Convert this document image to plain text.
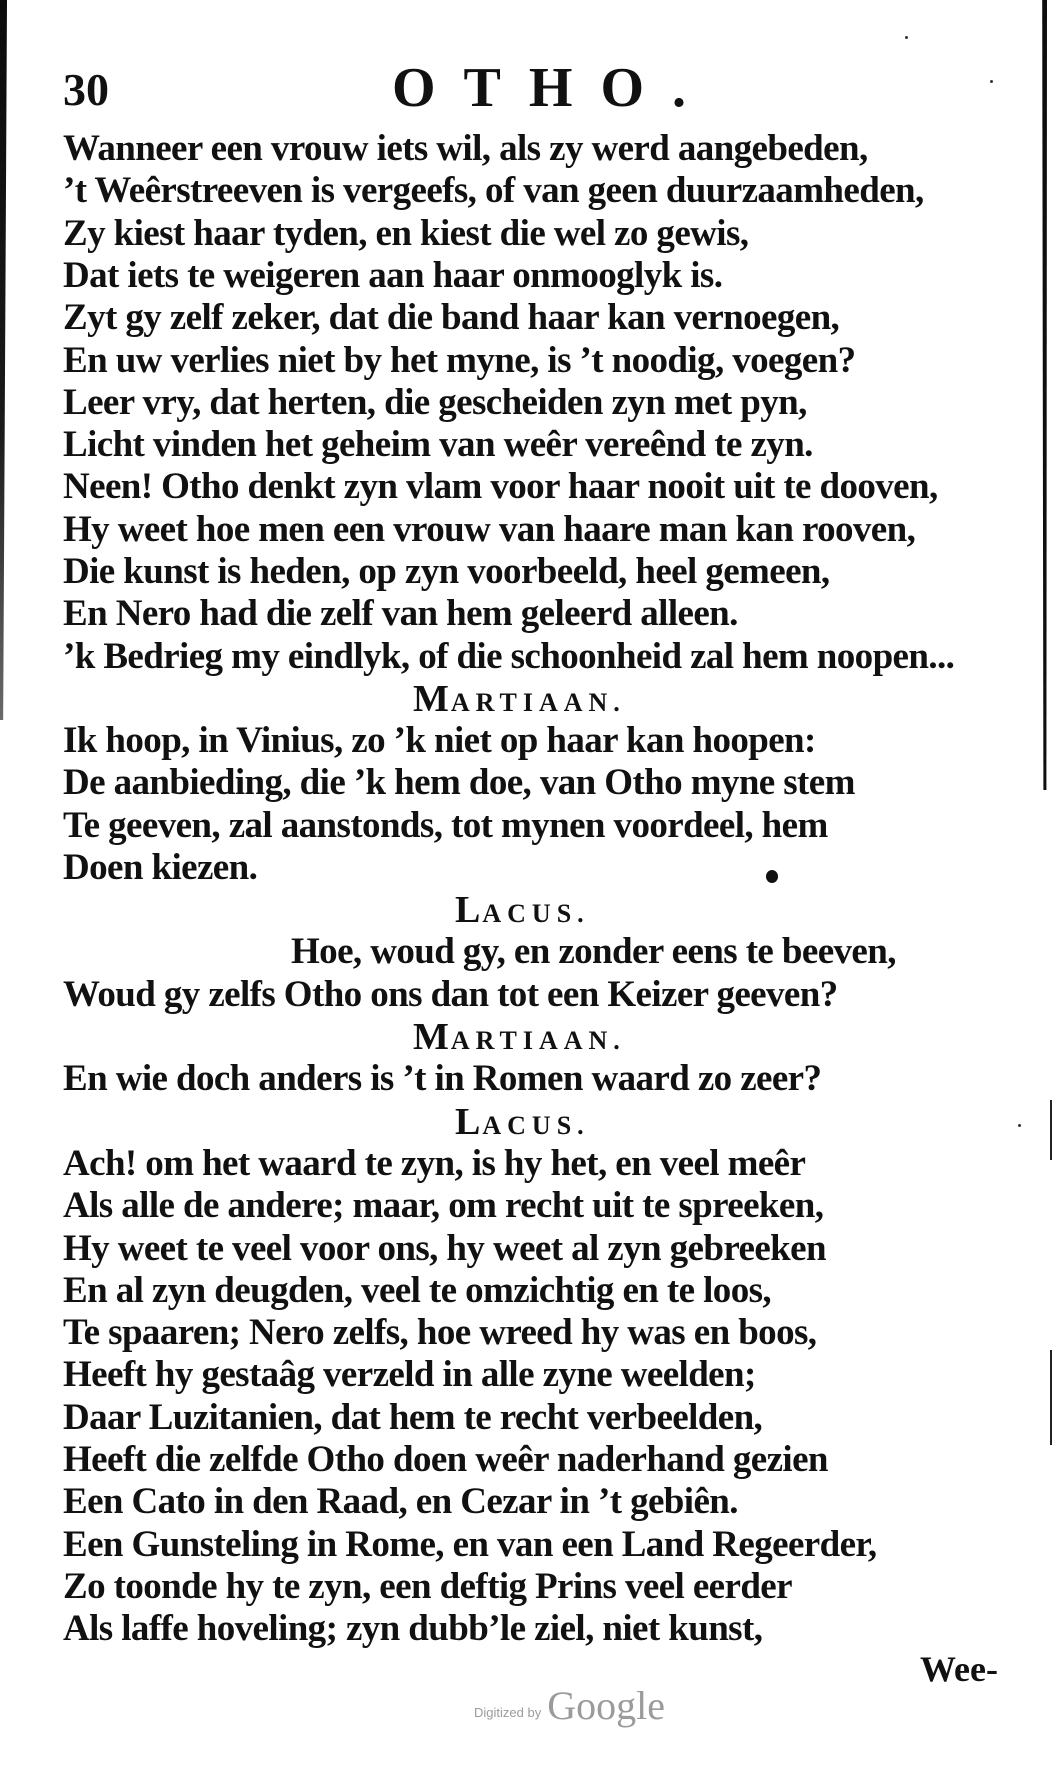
30	OTHO.
Wanneer een vrouw iets wil, als zy werd aangebeden,
’t Weêrstreeven is vergeefs, of van geen duurzaamheden,
Zy kiest haar tyden, en kiest die wel zo gewis,
Dat iets te weigeren aan haar onmooglyk is.
Zyt gy zelf zeker, dat die band haar kan vernoegen,
En uw verlies niet by het myne, is ’t noodig, voegen?
Leer vry, dat herten, die gescheiden zyn met pyn,
Licht vinden het geheim van weêr vereênd te zyn.
Neen! Otho denkt zyn vlam voor haar nooit uit te dooven,
Hy weet hoe men een vrouw van haare man kan rooven,
Die kunst is heden, op zyn voorbeeld, heel gemeen,
En Nero had die zelf van hem geleerd alleen.
’k Bedrieg my eindlyk, of die schoonheid zal hem noopen...
MARTIAAN.
Ik hoop, in Vinius, zo ’k niet op haar kan hoopen:
De aanbieding, die ’k hem doe, van Otho myne stem
Te geeven, zal aanstonds, tot mynen voordeel, hem
Doen kiezen.
LACUS.
Hoe, woud gy, en zonder eens te beeven,
Woud gy zelfs Otho ons dan tot een Keizer geeven?
MARTIAAN.
En wie doch anders is ’t in Romen waard zo zeer?
LACUS.
Ach! om het waard te zyn, is hy het, en veel meêr
Als alle de andere; maar, om recht uit te spreeken,
Hy weet te veel voor ons, hy weet al zyn gebreeken
En al zyn deugden, veel te omzichtig en te loos,
Te spaaren; Nero zelfs, hoe wreed hy was en boos,
Heeft hy gestaâg verzeld in alle zyne weelden;
Daar Luzitanien, dat hem te recht verbeelden,
Heeft die zelfde Otho doen weêr naderhand gezien
Een Cato in den Raad, en Cezar in ’t gebiên.
Een Gunsteling in Rome, en van een Land Regeerder,
Zo toonde hy te zyn, een deftig Prins veel eerder
Als laffe hoveling; zyn dubb’le ziel, niet kunst,
Wee-
Digitized by Google
